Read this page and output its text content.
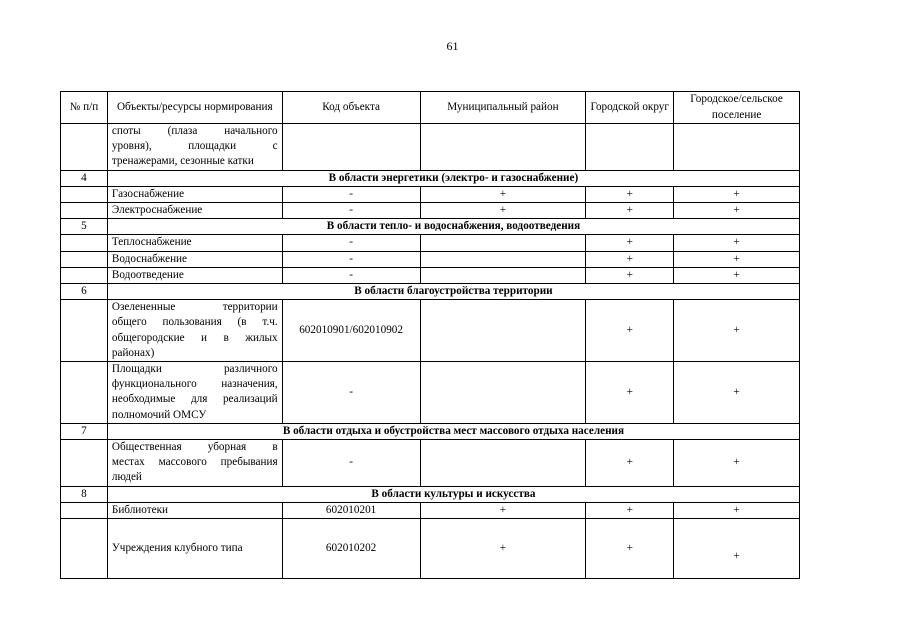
61
№ п/п	Объекты/ресурсы нормирования	Код объекта	Муниципальный район	Городской округ	Городское/сельское поселение

	споты (плаза начального
уровня), площадки с
тренажерами, сезонные катки				

4	В области энергетики (электро- и газоснабжение)				
	Газоснабжение	-	+	+	+
	Электроснабжение	-	+	+	+
5	В области тепло- и водоснабжения, водоотведения				
	Теплоснабжение	-		+	+
	Водоснабжение	-		+	+
	Водоотведение	-		+	+
6	В области благоустройства территории				

	Озелененные территории
общего пользования (в т.ч.
общегородские и в жилых
районах)	602010901/602010902		+	+

	Площадки различного
функционального назначения,
необходимые для реализаций
полномочий ОМСУ	-		+	+
7	В области отдыха и обустройства мест массового отдыха населения				

	Общественная уборная в
местах массового пребывания
людей	-		+	+
8	В области культуры и искусства				
	Библиотеки	602010201	+	+	+
	Учреждения клубного типа	602010202	+	+	+
